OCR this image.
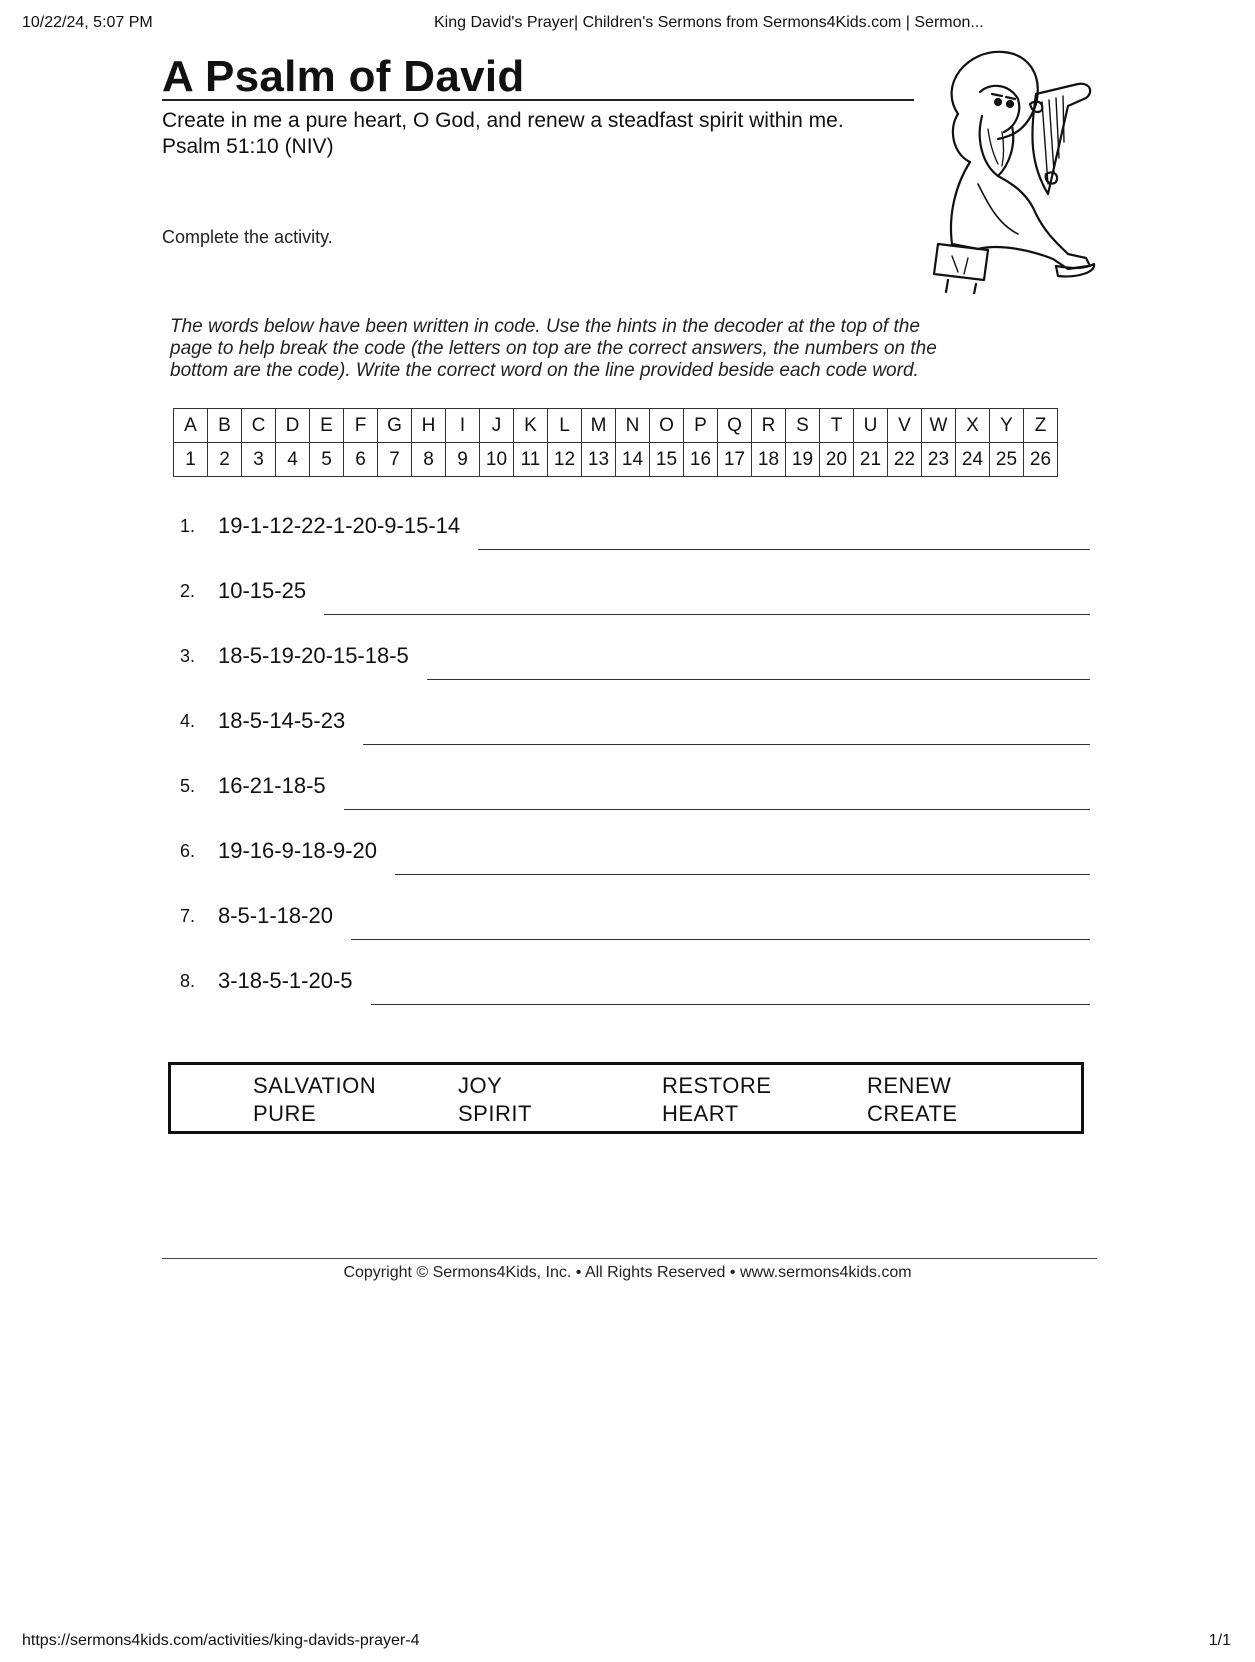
10/22/24, 5:07 PM	King David's Prayer| Children's Sermons from Sermons4Kids.com | Sermon...
A Psalm of David
Create in me a pure heart, O God, and renew a steadfast spirit within me.
Psalm 51:10 (NIV)
Complete the activity.
The words below have been written in code. Use the hints in the decoder at the top of the
page to help break the code (the letters on top are the correct answers, the numbers on the
bottom are the code). Write the correct word on the line provided beside each code word.
A	B	C	D	E	F	G	H	I	J	K	L	M	N	O	P	Q	R	S	T	U	V	W	X	Y	Z
1	2	3	4	5	6	7	8	9	10	11	12	13	14	15	16	17	18	19	20	21	22	23	24	25	26
1. 19-1-12-22-1-20-9-15-14
2. 10-15-25
3. 18-5-19-20-15-18-5
4. 18-5-14-5-23
5. 16-21-18-5
6. 19-16-9-18-9-20
7. 8-5-1-18-20
8. 3-18-5-1-20-5
SALVATION	JOY	RESTORE	RENEW
PURE	SPIRIT	HEART	CREATE
Copyright © Sermons4Kids, Inc. • All Rights Reserved • www.sermons4kids.com
https://sermons4kids.com/activities/king-davids-prayer-4	1/1
